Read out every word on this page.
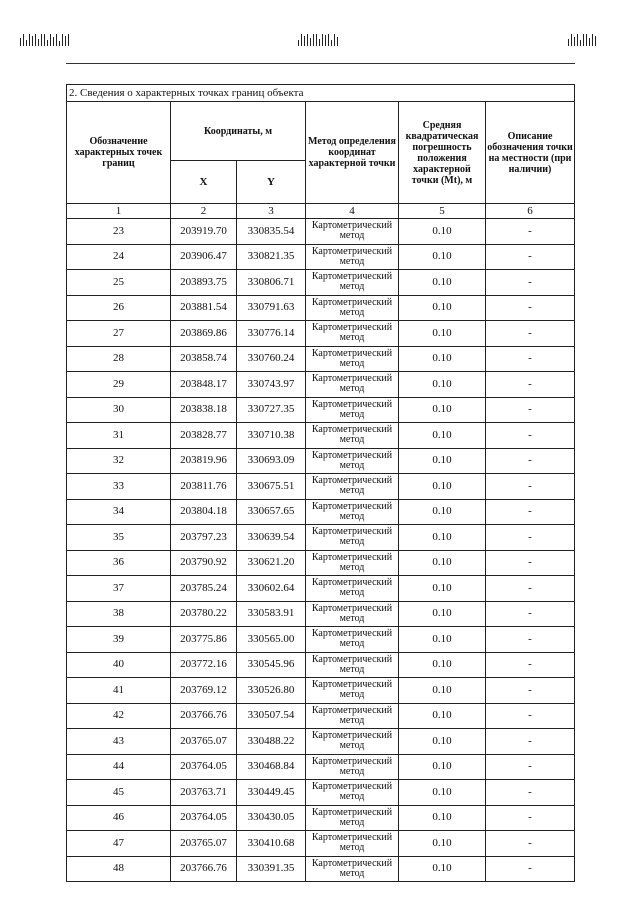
2. Сведения о характерных точках границ объекта					
Обозначение характерных точек границ	Координаты, м		Метод определения координат характерной точки	Средняя квадратическая погрешность положения характерной точки (Mt), м	Описание обозначения точки на местности (при наличии)
	X	Y			
1	2	3	4	5	6
23	203919.70	330835.54	Картометрический метод	0.10	-
24	203906.47	330821.35	Картометрический метод	0.10	-
25	203893.75	330806.71	Картометрический метод	0.10	-
26	203881.54	330791.63	Картометрический метод	0.10	-
27	203869.86	330776.14	Картометрический метод	0.10	-
28	203858.74	330760.24	Картометрический метод	0.10	-
29	203848.17	330743.97	Картометрический метод	0.10	-
30	203838.18	330727.35	Картометрический метод	0.10	-
31	203828.77	330710.38	Картометрический метод	0.10	-
32	203819.96	330693.09	Картометрический метод	0.10	-
33	203811.76	330675.51	Картометрический метод	0.10	-
34	203804.18	330657.65	Картометрический метод	0.10	-
35	203797.23	330639.54	Картометрический метод	0.10	-
36	203790.92	330621.20	Картометрический метод	0.10	-
37	203785.24	330602.64	Картометрический метод	0.10	-
38	203780.22	330583.91	Картометрический метод	0.10	-
39	203775.86	330565.00	Картометрический метод	0.10	-
40	203772.16	330545.96	Картометрический метод	0.10	-
41	203769.12	330526.80	Картометрический метод	0.10	-
42	203766.76	330507.54	Картометрический метод	0.10	-
43	203765.07	330488.22	Картометрический метод	0.10	-
44	203764.05	330468.84	Картометрический метод	0.10	-
45	203763.71	330449.45	Картометрический метод	0.10	-
46	203764.05	330430.05	Картометрический метод	0.10	-
47	203765.07	330410.68	Картометрический метод	0.10	-
48	203766.76	330391.35	Картометрический метод	0.10	-
